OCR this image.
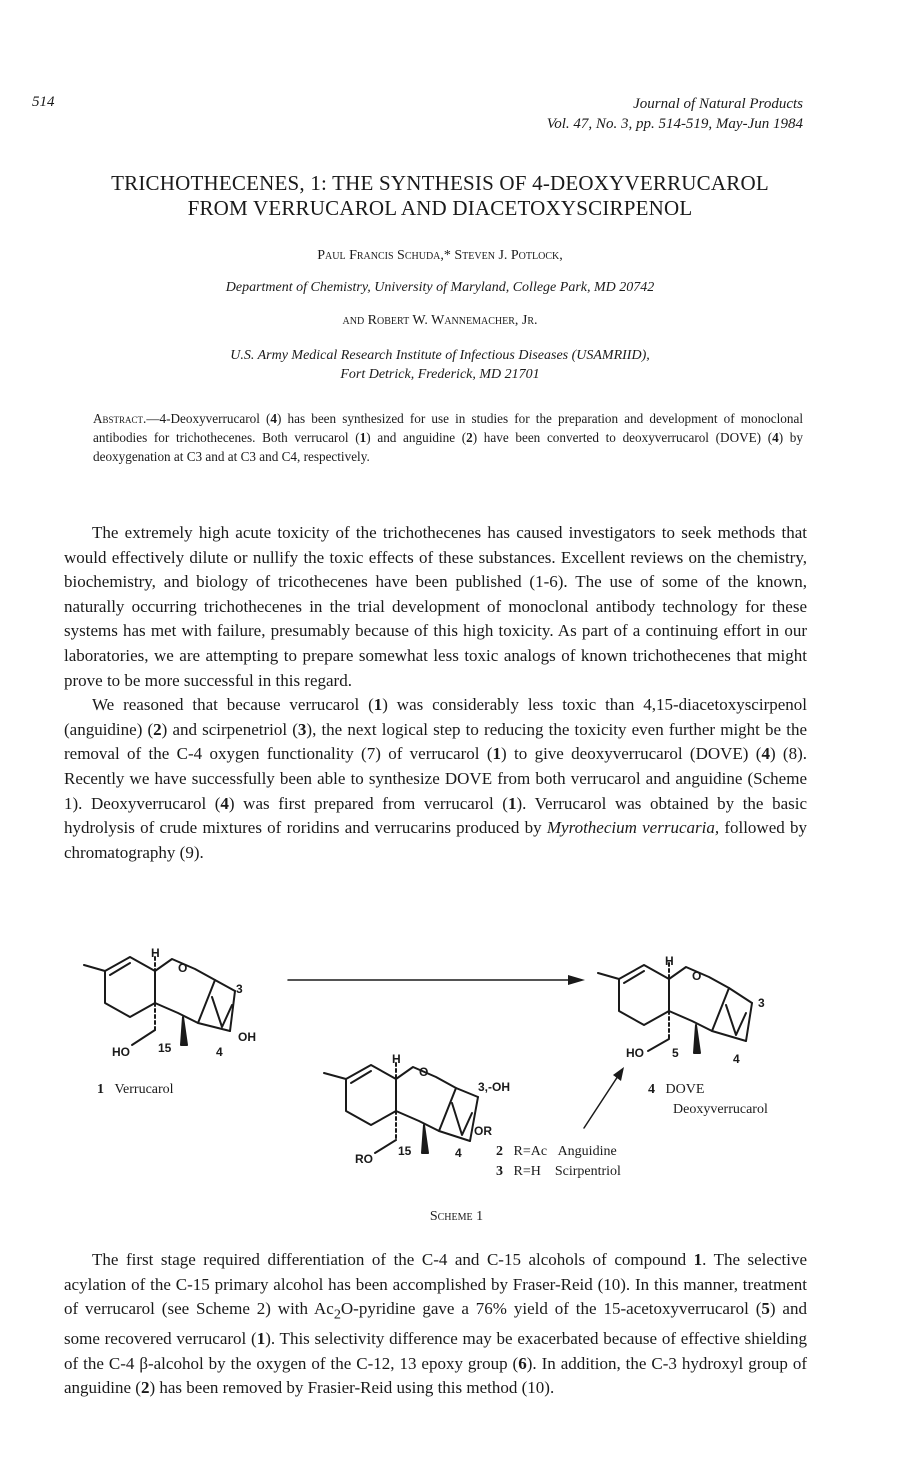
514	Journal of Natural Products
Vol. 47, No. 3, pp. 514-519, May-Jun 1984
TRICHOTHECENES, 1: THE SYNTHESIS OF 4-DEOXYVERRUCAROL
FROM VERRUCAROL AND DIACETOXYSCIRPENOL
Paul Francis Schuda,* Steven J. Potlock,
Department of Chemistry, University of Maryland, College Park, MD 20742
and Robert W. Wannemacher, Jr.
U.S. Army Medical Research Institute of Infectious Diseases (USAMRIID),
Fort Detrick, Frederick, MD 21701
Abstract.—4-Deoxyverrucarol (4) has been synthesized for use in studies for the preparation and development of monoclonal antibodies for trichothecenes. Both verrucarol (1) and anguidine (2) have been converted to deoxyverrucarol (DOVE) (4) by deoxygenation at C3 and at C3 and C4, respectively.

The extremely high acute toxicity of the trichothecenes has caused investigators to seek methods that would effectively dilute or nullify the toxic effects of these substances. Excellent reviews on the chemistry, biochemistry, and biology of tricothecenes have been published (1-6). The use of some of the known, naturally occurring trichothecenes in the trial development of monoclonal antibody technology for these systems has met with failure, presumably because of this high toxicity. As part of a continuing effort in our laboratories, we are attempting to prepare somewhat less toxic analogs of known trichothecenes that might prove to be more successful in this regard.

We reasoned that because verrucarol (1) was considerably less toxic than 4,15-diacetoxyscirpenol (anguidine) (2) and scirpenetriol (3), the next logical step to reducing the toxicity even further might be the removal of the C-4 oxygen functionality (7) of verrucarol (1) to give deoxyverrucarol (DOVE) (4) (8). Recently we have successfully been able to synthesize DOVE from both verrucarol and anguidine (Scheme 1). Deoxyverrucarol (4) was first prepared from verrucarol (1). Verrucarol was obtained by the basic hydrolysis of crude mixtures of roridins and verrucarins produced by Myrothecium verrucaria, followed by chromatography (9).

H
O
3
OH
HO 15	4
H
O
3
HO 5	4
H
O
3,-OH
OR
RO
15	4
1 Verrucarol	4 DOVE
Deoxyverrucarol
2 R=Ac Anguidine
3 R=H Scirpentriol
Scheme 1

The first stage required differentiation of the C-4 and C-15 alcohols of compound 1. The selective acylation of the C-15 primary alcohol has been accomplished by Fraser-Reid (10). In this manner, treatment of verrucarol (see Scheme 2) with $Ac_2O$-pyridine gave a 76% yield of the 15-acetoxyverrucarol (5) and some recovered verrucarol (1). This selectivity difference may be exacerbated because of effective shielding of the C-4 β-alcohol by the oxygen of the C-12, 13 epoxy group (6). In addition, the C-3 hydroxyl group of anguidine (2) has been removed by Frasier-Reid using this method (10).
